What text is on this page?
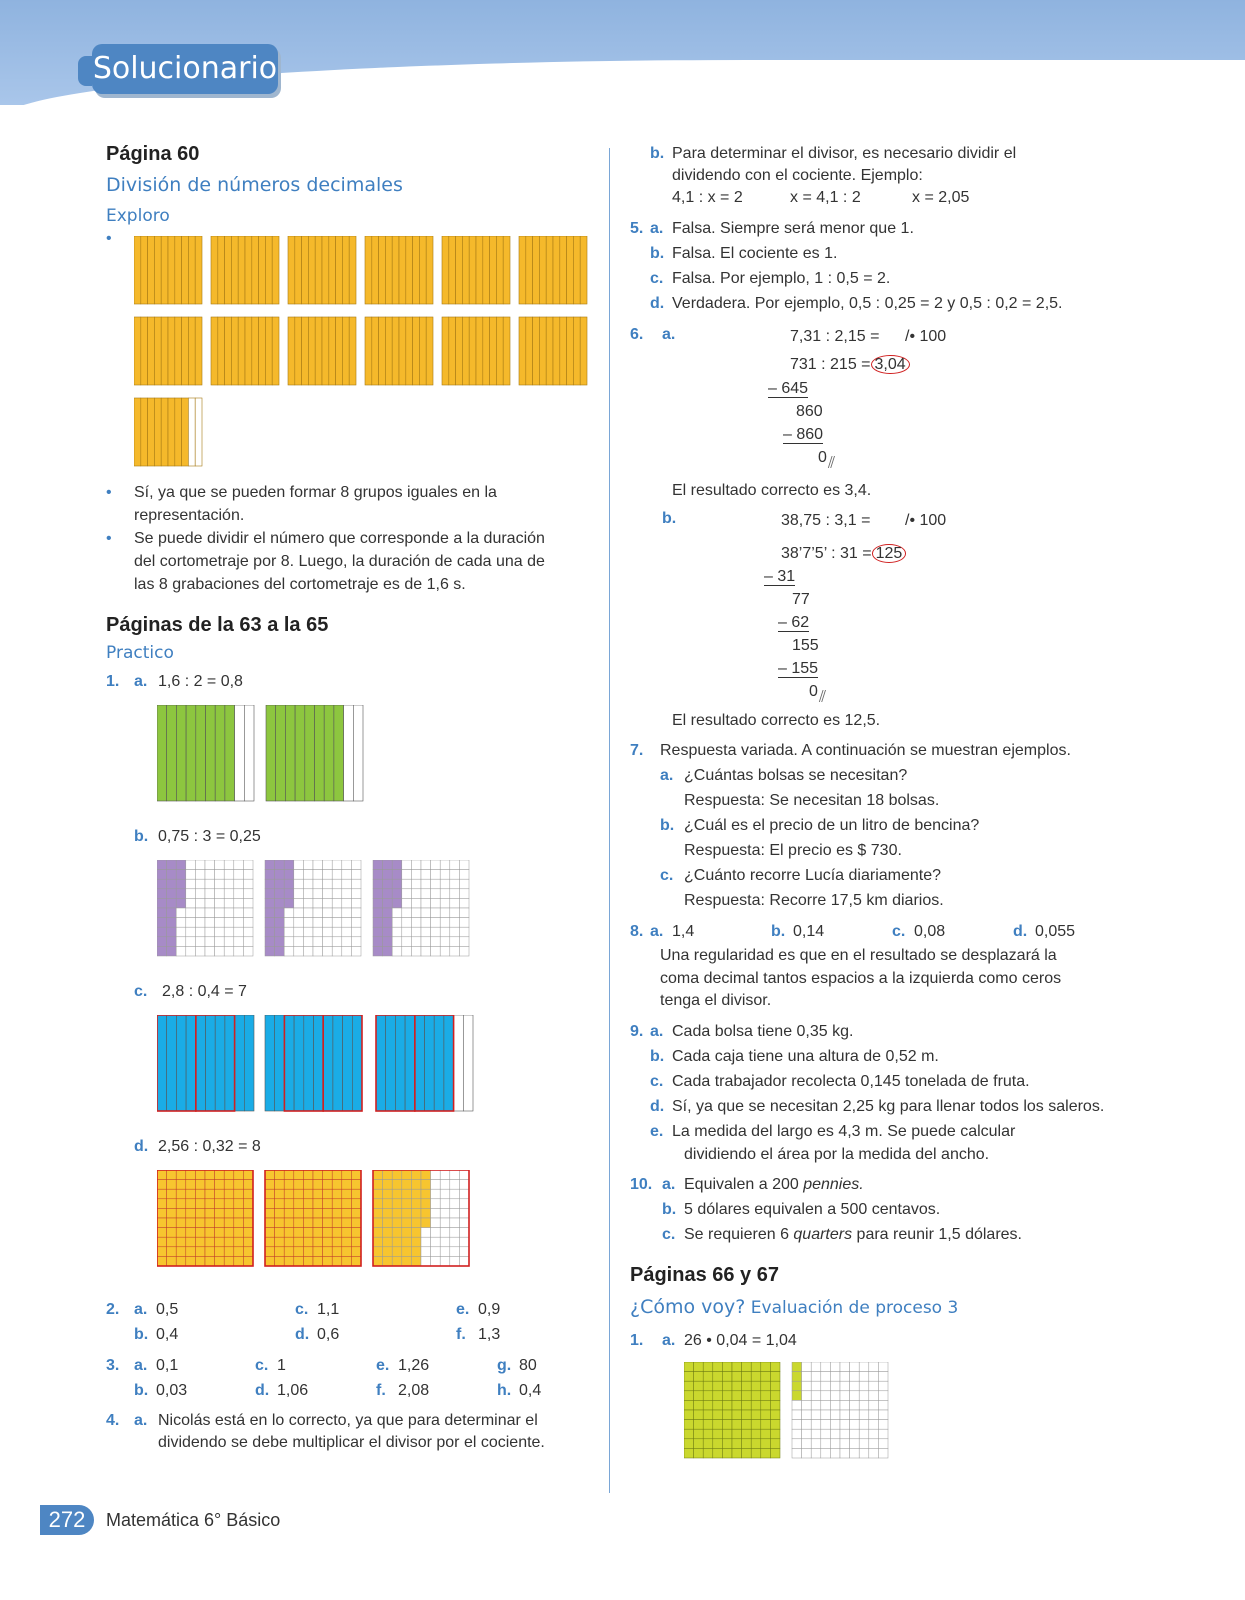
Solucionario
Página 60
División de números decimales
Exploro
•
• Sí, ya que se pueden formar 8 grupos iguales en la
representación.
• Se puede dividir el número que corresponde a la duración
del cortometraje por 8. Luego, la duración de cada una de
las 8 grabaciones del cortometraje es de 1,6 s.
Páginas de la 63 a la 65
Practico
1. a. 1,6 : 2 = 0,8
b. 0,75 : 3 = 0,25
c. 2,8 : 0,4 = 7
d. 2,56 : 0,32 = 8
2. a. 0,5	c. 1,1	e. 0,9
b. 0,4	d. 0,6	f. 1,3
3. a. 0,1	c. 1	e. 1,26	g. 80
b. 0,03	d. 1,06	f. 2,08	h. 0,4
4. a. Nicolás está en lo correcto, ya que para determinar el
dividendo se debe multiplicar el divisor por el cociente.
b. Para determinar el divisor, es necesario dividir el
dividendo con el cociente. Ejemplo:
4,1 : x = 2	x = 4,1 : 2	x = 2,05
5. a. Falsa. Siempre será menor que 1.
b. Falsa. El cociente es 1.
c. Falsa. Por ejemplo, 1 : 0,5 = 2.
d. Verdadera. Por ejemplo, 0,5 : 0,25 = 2 y 0,5 : 0,2 = 2,5.
6. a.	7,31 : 2,15 = /• 100
731 : 215 = 3,04
– 645
860
– 860
0 ⫽
El resultado correcto es 3,4.
b.	38,75 : 3,1 = /• 100
38’7’5’ : 31 = 125
– 31
77
– 62
155
– 155
0 ⫽
El resultado correcto es 12,5.
7. Respuesta variada. A continuación se muestran ejemplos.
a. ¿Cuántas bolsas se necesitan?
Respuesta: Se necesitan 18 bolsas.
b. ¿Cuál es el precio de un litro de bencina?
Respuesta: El precio es $ 730.
c. ¿Cuánto recorre Lucía diariamente?
Respuesta: Recorre 17,5 km diarios.
8. a. 1,4	b. 0,14	c. 0,08	d. 0,055
Una regularidad es que en el resultado se desplazará la
coma decimal tantos espacios a la izquierda como ceros
tenga el divisor.
9. a. Cada bolsa tiene 0,35 kg.
b. Cada caja tiene una altura de 0,52 m.
c. Cada trabajador recolecta 0,145 tonelada de fruta.
d. Sí, ya que se necesitan 2,25 kg para llenar todos los saleros.
e. La medida del largo es 4,3 m. Se puede calcular
dividiendo el área por la medida del ancho.
10. a. Equivalen a 200 pennies.
b. 5 dólares equivalen a 500 centavos.
c. Se requieren 6 quarters para reunir 1,5 dólares.
Páginas 66 y 67
¿Cómo voy? Evaluación de proceso 3
1. a. 26 • 0,04 = 1,04
272	Matemática 6° Básico
